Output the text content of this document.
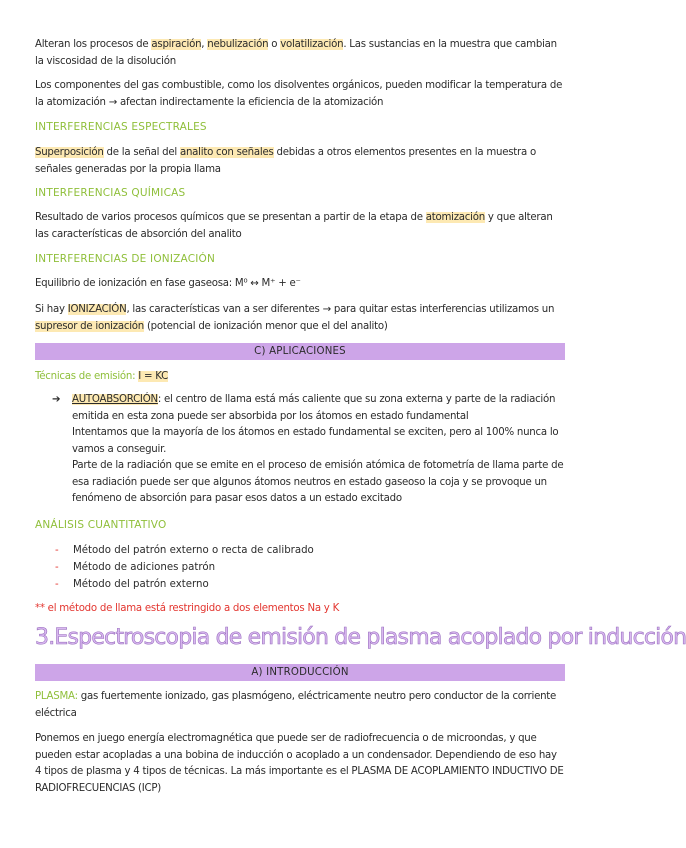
Alteran los procesos de aspiración, nebulización o volatilización. Las sustancias en la muestra que cambian la viscosidad de la disolución

Los componentes del gas combustible, como los disolventes orgánicos, pueden modificar la temperatura de la atomización → afectan indirectamente la eficiencia de la atomización

INTERFERENCIAS ESPECTRALES

Superposición de la señal del analito con señales debidas a otros elementos presentes en la muestra o señales generadas por la propia llama

INTERFERENCIAS QUÍMICAS

Resultado de varios procesos químicos que se presentan a partir de la etapa de atomización y que alteran las características de absorción del analito

INTERFERENCIAS DE IONIZACIÓN

Equilibrio de ionización en fase gaseosa: M⁰ ↔ M⁺ + e⁻

Si hay IONIZACIÓN, las características van a ser diferentes → para quitar estas interferencias utilizamos un supresor de ionización (potencial de ionización menor que el del analito)

C) APLICACIONES

Técnicas de emisión: I = KC

➔ AUTOABSORCIÓN: el centro de llama está más caliente que su zona externa y parte de la radiación emitida en esta zona puede ser absorbida por los átomos en estado fundamental
Intentamos que la mayoría de los átomos en estado fundamental se exciten, pero al 100% nunca lo vamos a conseguir.
Parte de la radiación que se emite en el proceso de emisión atómica de fotometría de llama parte de esa radiación puede ser que algunos átomos neutros en estado gaseoso la coja y se provoque un fenómeno de absorción para pasar esos datos a un estado excitado

ANÁLISIS CUANTITATIVO

- Método del patrón externo o recta de calibrado
- Método de adiciones patrón
- Método del patrón externo

** el método de llama está restringido a dos elementos Na y K

3.Espectroscopia de emisión de plasma acoplado por inducción

A) INTRODUCCIÓN

PLASMA: gas fuertemente ionizado, gas plasmógeno, eléctricamente neutro pero conductor de la corriente eléctrica

Ponemos en juego energía electromagnética que puede ser de radiofrecuencia o de microondas, y que pueden estar acopladas a una bobina de inducción o acoplado a un condensador. Dependiendo de eso hay 4 tipos de plasma y 4 tipos de técnicas. La más importante es el PLASMA DE ACOPLAMIENTO INDUCTIVO DE RADIOFRECUENCIAS (ICP)
